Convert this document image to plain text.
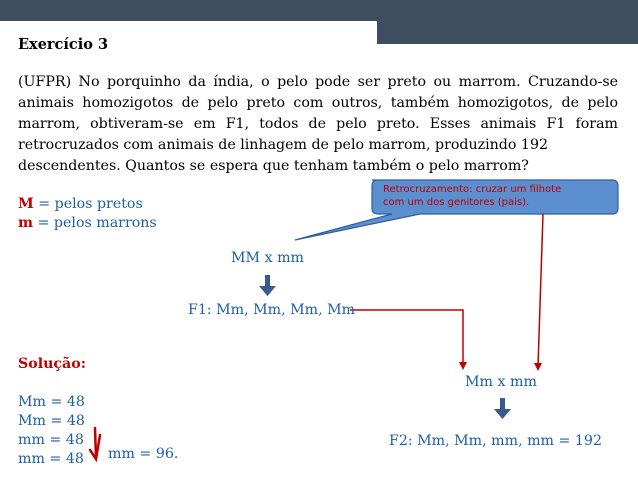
Exercício 3

(UFPR) No porquinho da índia, o pelo pode ser preto ou marrom. Cruzando-se animais homozigotos de pelo preto com outros, também homozigotos, de pelo marrom, obtiveram-se em F1, todos de pelo preto. Esses animais F1 foram retrocruzados com animais de linhagem de pelo marrom, produzindo 192
descendentes. Quantos se espera que tenham também o pelo marrom?

Retrocruzamento: cruzar um filhote com um dos genitores (pais).
M = pelos pretos
m = pelos marrons
MM x mm
F1: Mm, Mm, Mm, Mm
Mm x mm
F2: Mm, Mm, mm, mm = 192
Solução:
Mm = 48
Mm = 48
mm = 48
mm = 48 mm = 96.
